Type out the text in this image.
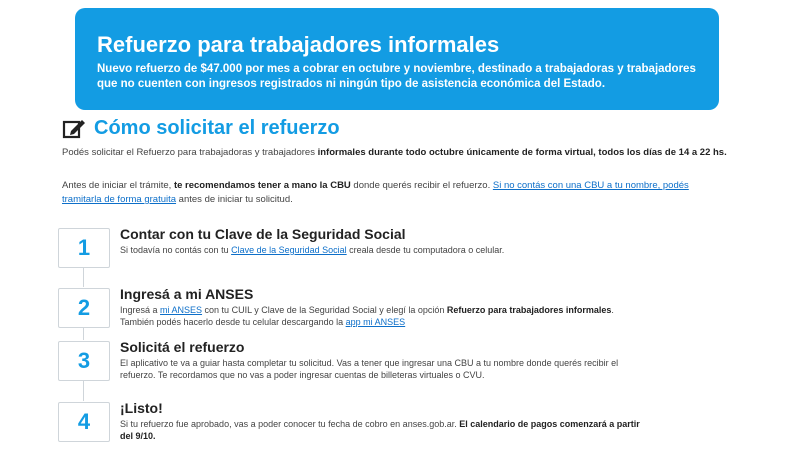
Refuerzo para trabajadores informales

Nuevo refuerzo de $47.000 por mes a cobrar en octubre y noviembre, destinado a trabajadoras y trabajadores que no cuenten con ingresos registrados ni ningún tipo de asistencia económica del Estado.

Cómo solicitar el refuerzo
Podés solicitar el Refuerzo para trabajadoras y trabajadores informales durante todo octubre únicamente de forma virtual, todos los días de 14 a 22 hs.
Antes de iniciar el trámite, te recomendamos tener a mano la CBU donde querés recibir el refuerzo. Si no contás con una CBU a tu nombre, podés tramitarla de forma gratuita antes de iniciar tu solicitud.
1
Contar con tu Clave de la Seguridad Social
Si todavía no contás con tu Clave de la Seguridad Social creala desde tu computadora o celular.
2
Ingresá a mi ANSES
Ingresá a mi ANSES con tu CUIL y Clave de la Seguridad Social y elegí la opción Refuerzo para trabajadores informales. También podés hacerlo desde tu celular descargando la app mi ANSES
3
Solicitá el refuerzo
El aplicativo te va a guiar hasta completar tu solicitud. Vas a tener que ingresar una CBU a tu nombre donde querés recibir el refuerzo. Te recordamos que no vas a poder ingresar cuentas de billeteras virtuales o CVU.
4
¡Listo!
Si tu refuerzo fue aprobado, vas a poder conocer tu fecha de cobro en anses.gob.ar. El calendario de pagos comenzará a partir del 9/10.
